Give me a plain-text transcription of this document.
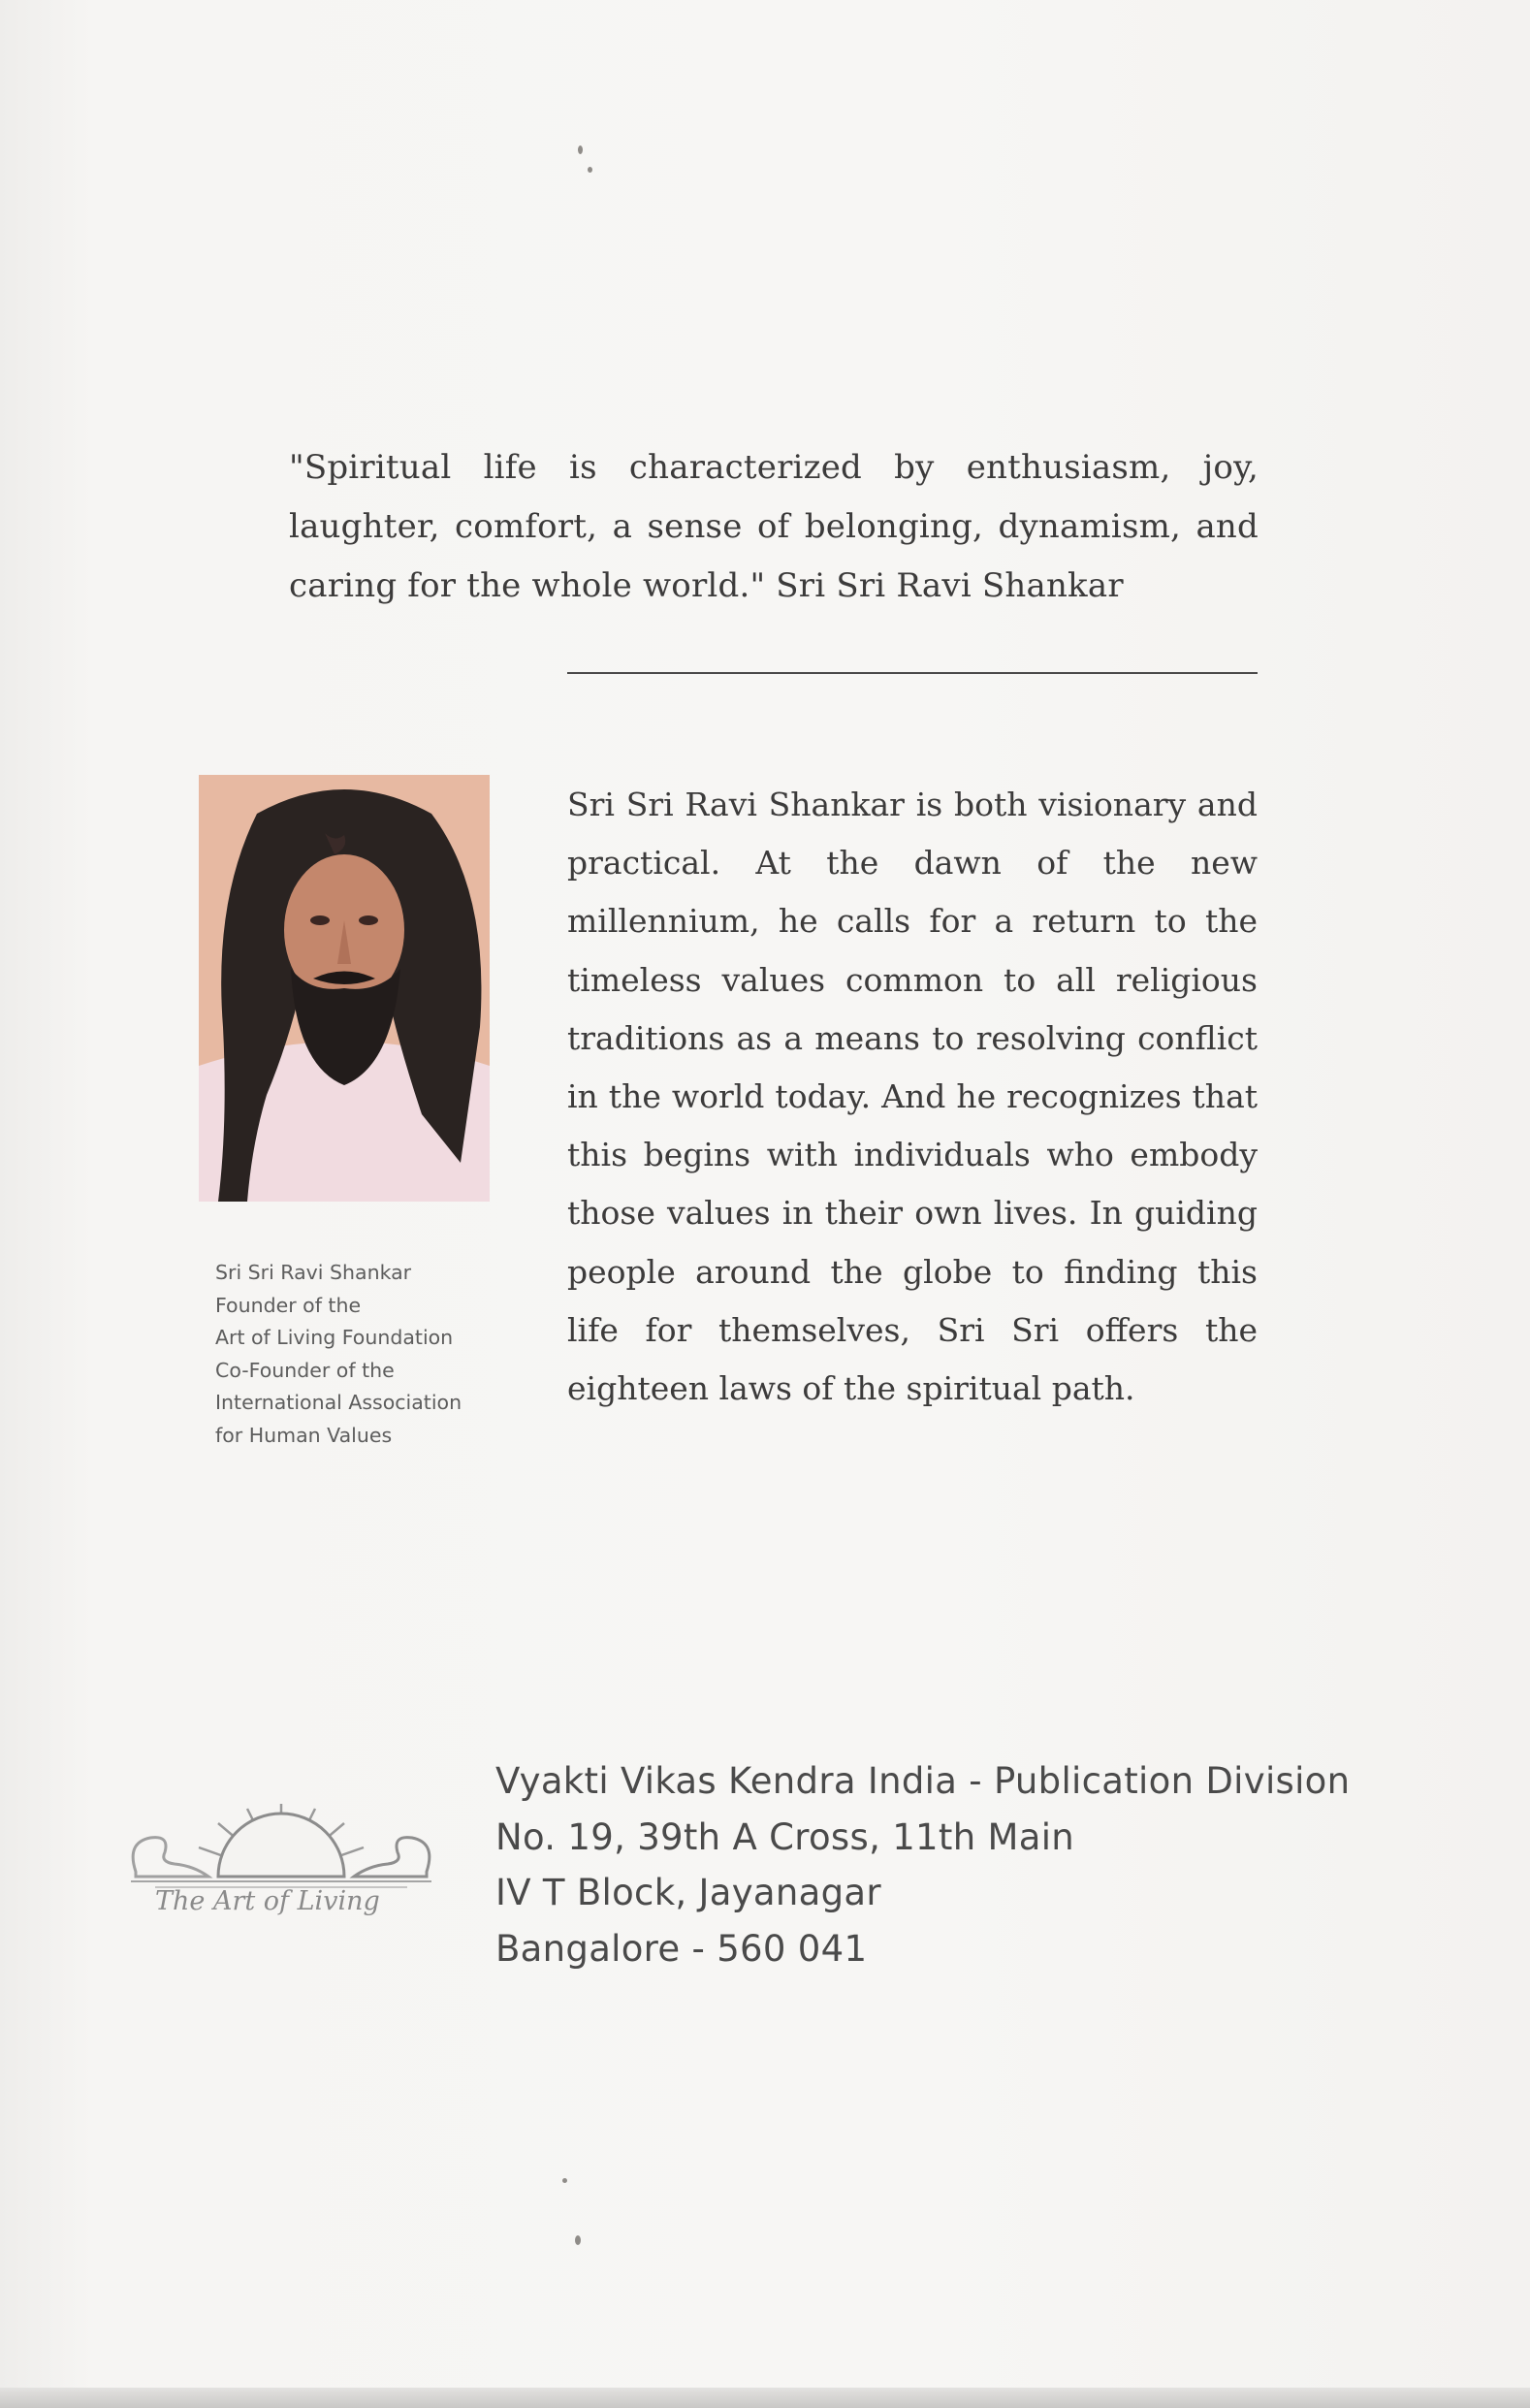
"Spiritual life is characterized by enthusiasm, joy, laughter, comfort, a sense of belonging, dynamism, and caring for the whole world." Sri Sri Ravi Shankar

Sri Sri Ravi Shankar
Founder of the
Art of Living Foundation
Co-Founder of the
International Association
for Human Values

Sri Sri Ravi Shankar is both visionary and practical. At the dawn of the new millennium, he calls for a return to the timeless values common to all religious traditions as a means to resolving conflict in the world today. And he recognizes that this begins with individuals who embody those values in their own lives. In guiding people around the globe to finding this life for themselves, Sri Sri offers the eighteen laws of the spiritual path.

The Art of Living
Vyakti Vikas Kendra India - Publication Division
No. 19, 39th A Cross, 11th Main
IV T Block, Jayanagar
Bangalore - 560 041
